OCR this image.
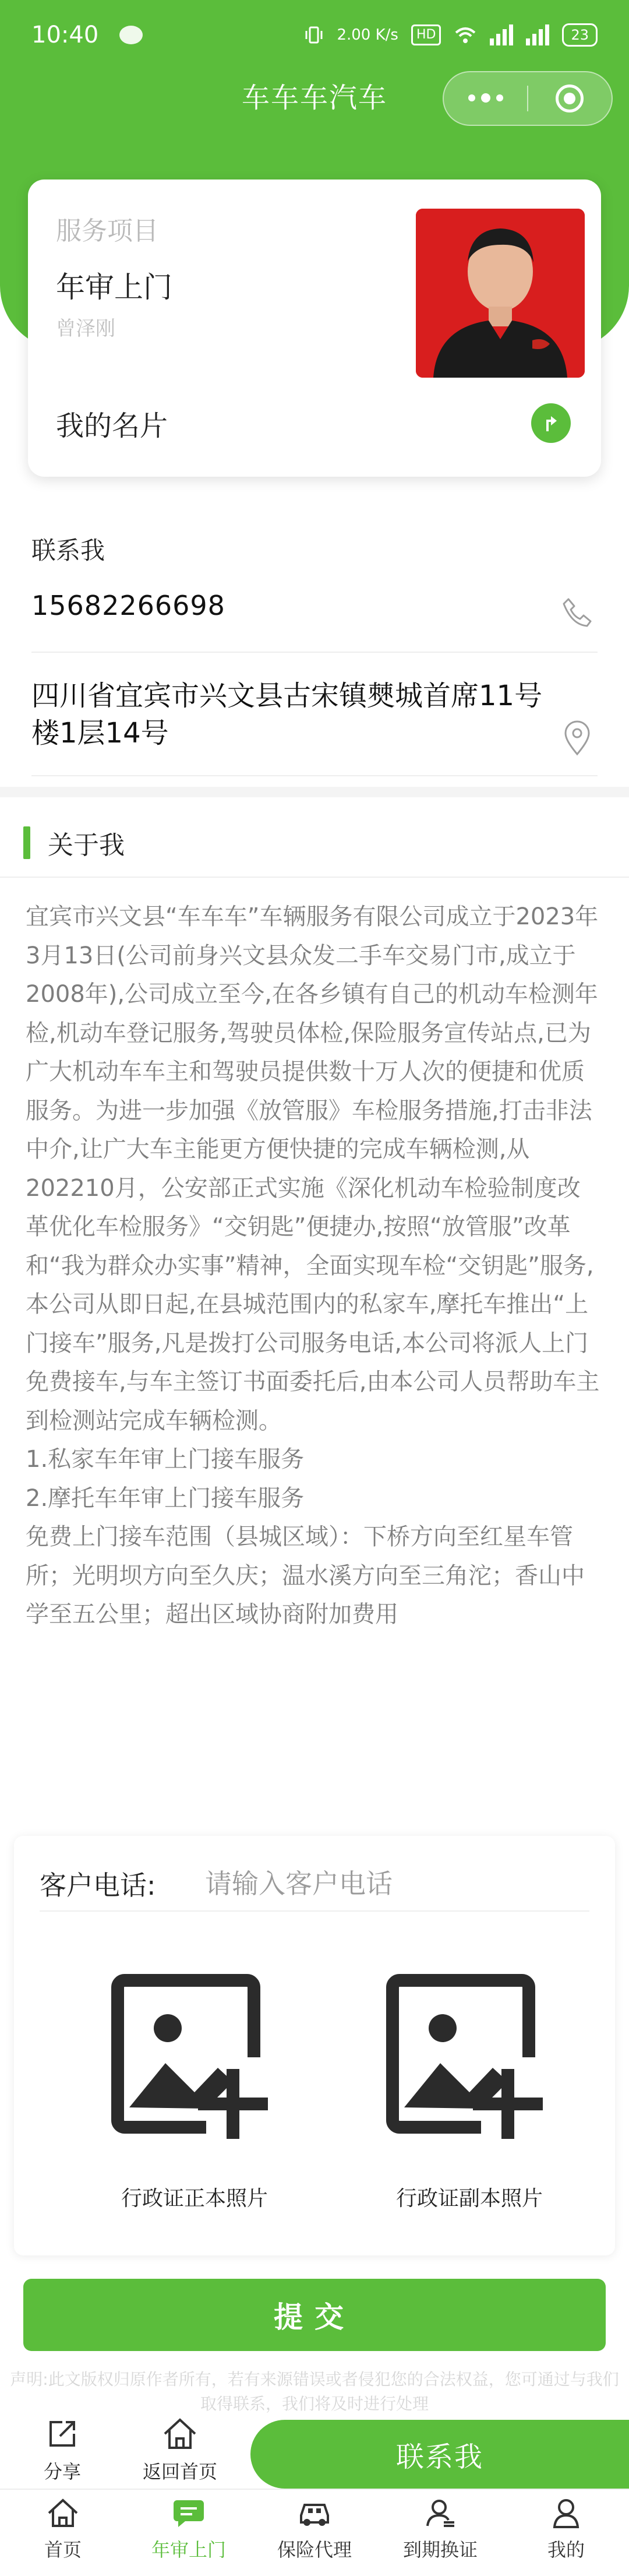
10:40	2.00 K/s	HD	23
车车车汽车
服务项目
年审上门
曾泽刚
我的名片
联系我
15682266698
四川省宜宾市兴文县古宋镇僰城首席11号楼1层14号
关于我

宜宾市兴文县“车车车”车辆服务有限公司成立于2023年3月13日(公司前身兴文县众发二手车交易门市,成立于2008年),公司成立至今,在各乡镇有自己的机动车检测年检,机动车登记服务,驾驶员体检,保险服务宣传站点,已为广大机动车车主和驾驶员提供数十万人次的便捷和优质服务。为进一步加强《放管服》车检服务措施,打击非法中介,让广大车主能更方便快捷的完成车辆检测,从202210月，公安部正式实施《深化机动车检验制度改革优化车检服务》“交钥匙”便捷办,按照“放管服”改革和“我为群众办实事”精神，全面实现车检“交钥匙”服务,本公司从即日起,在县城范围内的私家车,摩托车推出“上门接车”服务,凡是拨打公司服务电话,本公司将派人上门免费接车,与车主签订书面委托后,由本公司人员帮助车主到检测站完成车辆检测。

1.私家车年审上门接车服务

2.摩托车年审上门接车服务

免费上门接车范围（县城区域）：下桥方向至红星车管所；光明坝方向至久庆；温水溪方向至三角沱；香山中学至五公里；超出区域协商附加费用

客户电话:
请输入客户电话
行政证正本照片	行政证副本照片
提交
声明:此文版权归原作者所有，若有来源错误或者侵犯您的合法权益，您可通过与我们取得联系，我们将及时进行处理
分享	返回首页	联系我
首页	年审上门	保险代理	到期换证	我的
